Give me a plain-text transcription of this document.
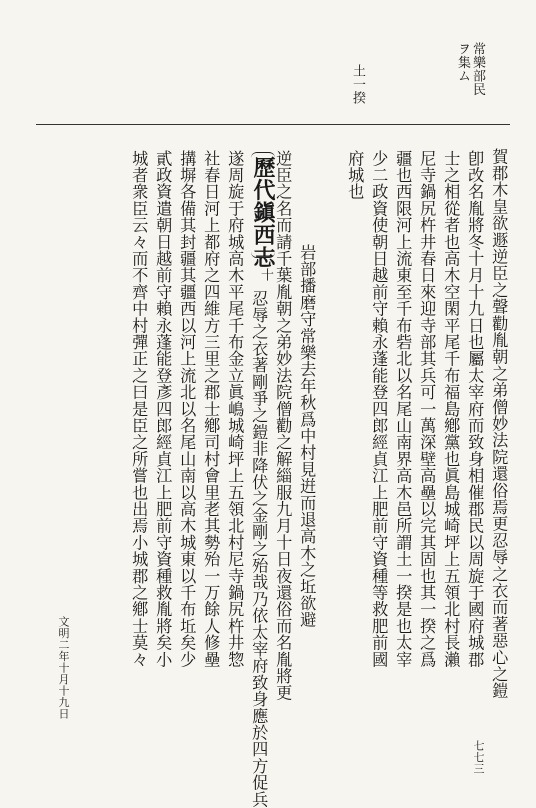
常樂部民
ヲ集ム
土一揆
賀郡木皇欲遯逆臣之聲勸胤朝之弟僧妙法院還俗焉更忍辱之衣而著惡心之鎧
卽改名胤將冬十月十九日也屬太宰府而致身相催郡民以周旋于國府城郡
士之相從者也高木空閑平尾千布福島鄕黨也眞島城崎坪上五領北村長瀨
尼寺鍋尻杵井春日來迎寺部其兵可一萬深壁高壘以完其固也其一揆之爲
疆也西限河上流東至千布砦北以名尾山南界高木邑所謂土一揆是也太宰
少二政資使朝日越前守賴永蓬能登四郎經貞江上肥前守資種等救肥前國
府城也
歷代鎭西志
十 岩部播磨守常樂去年秋爲中村見逬而退高木之坵欲避
逆臣之名而請千葉胤朝之弟妙法院僧勸之解緇服九月十日夜還俗而名胤將更
忍辱之衣著剛爭之鎧非降伏之金剛之殆哉乃依太宰府致身應於四方促兵
遂周旋于府城高木平尾千布金立眞嶋城崎坪上五領北村尼寺鍋尻杵井惣
社春日河上都府之四維方三里之郡士鄕司村會里老其勢殆一万餘人修壘
搆塀各備其封疆其疆西以河上流北以名尾山南以高木城東以千布坵矣少
貳政資遣朝日越前守賴永蓬能登彥四郎經貞江上肥前守資種救胤將矣小
城者衆臣云々而不齊中村彈正之曰是臣之所嘗也出焉小城郡之鄕士莫々
文明二年十月十九日
七七三
